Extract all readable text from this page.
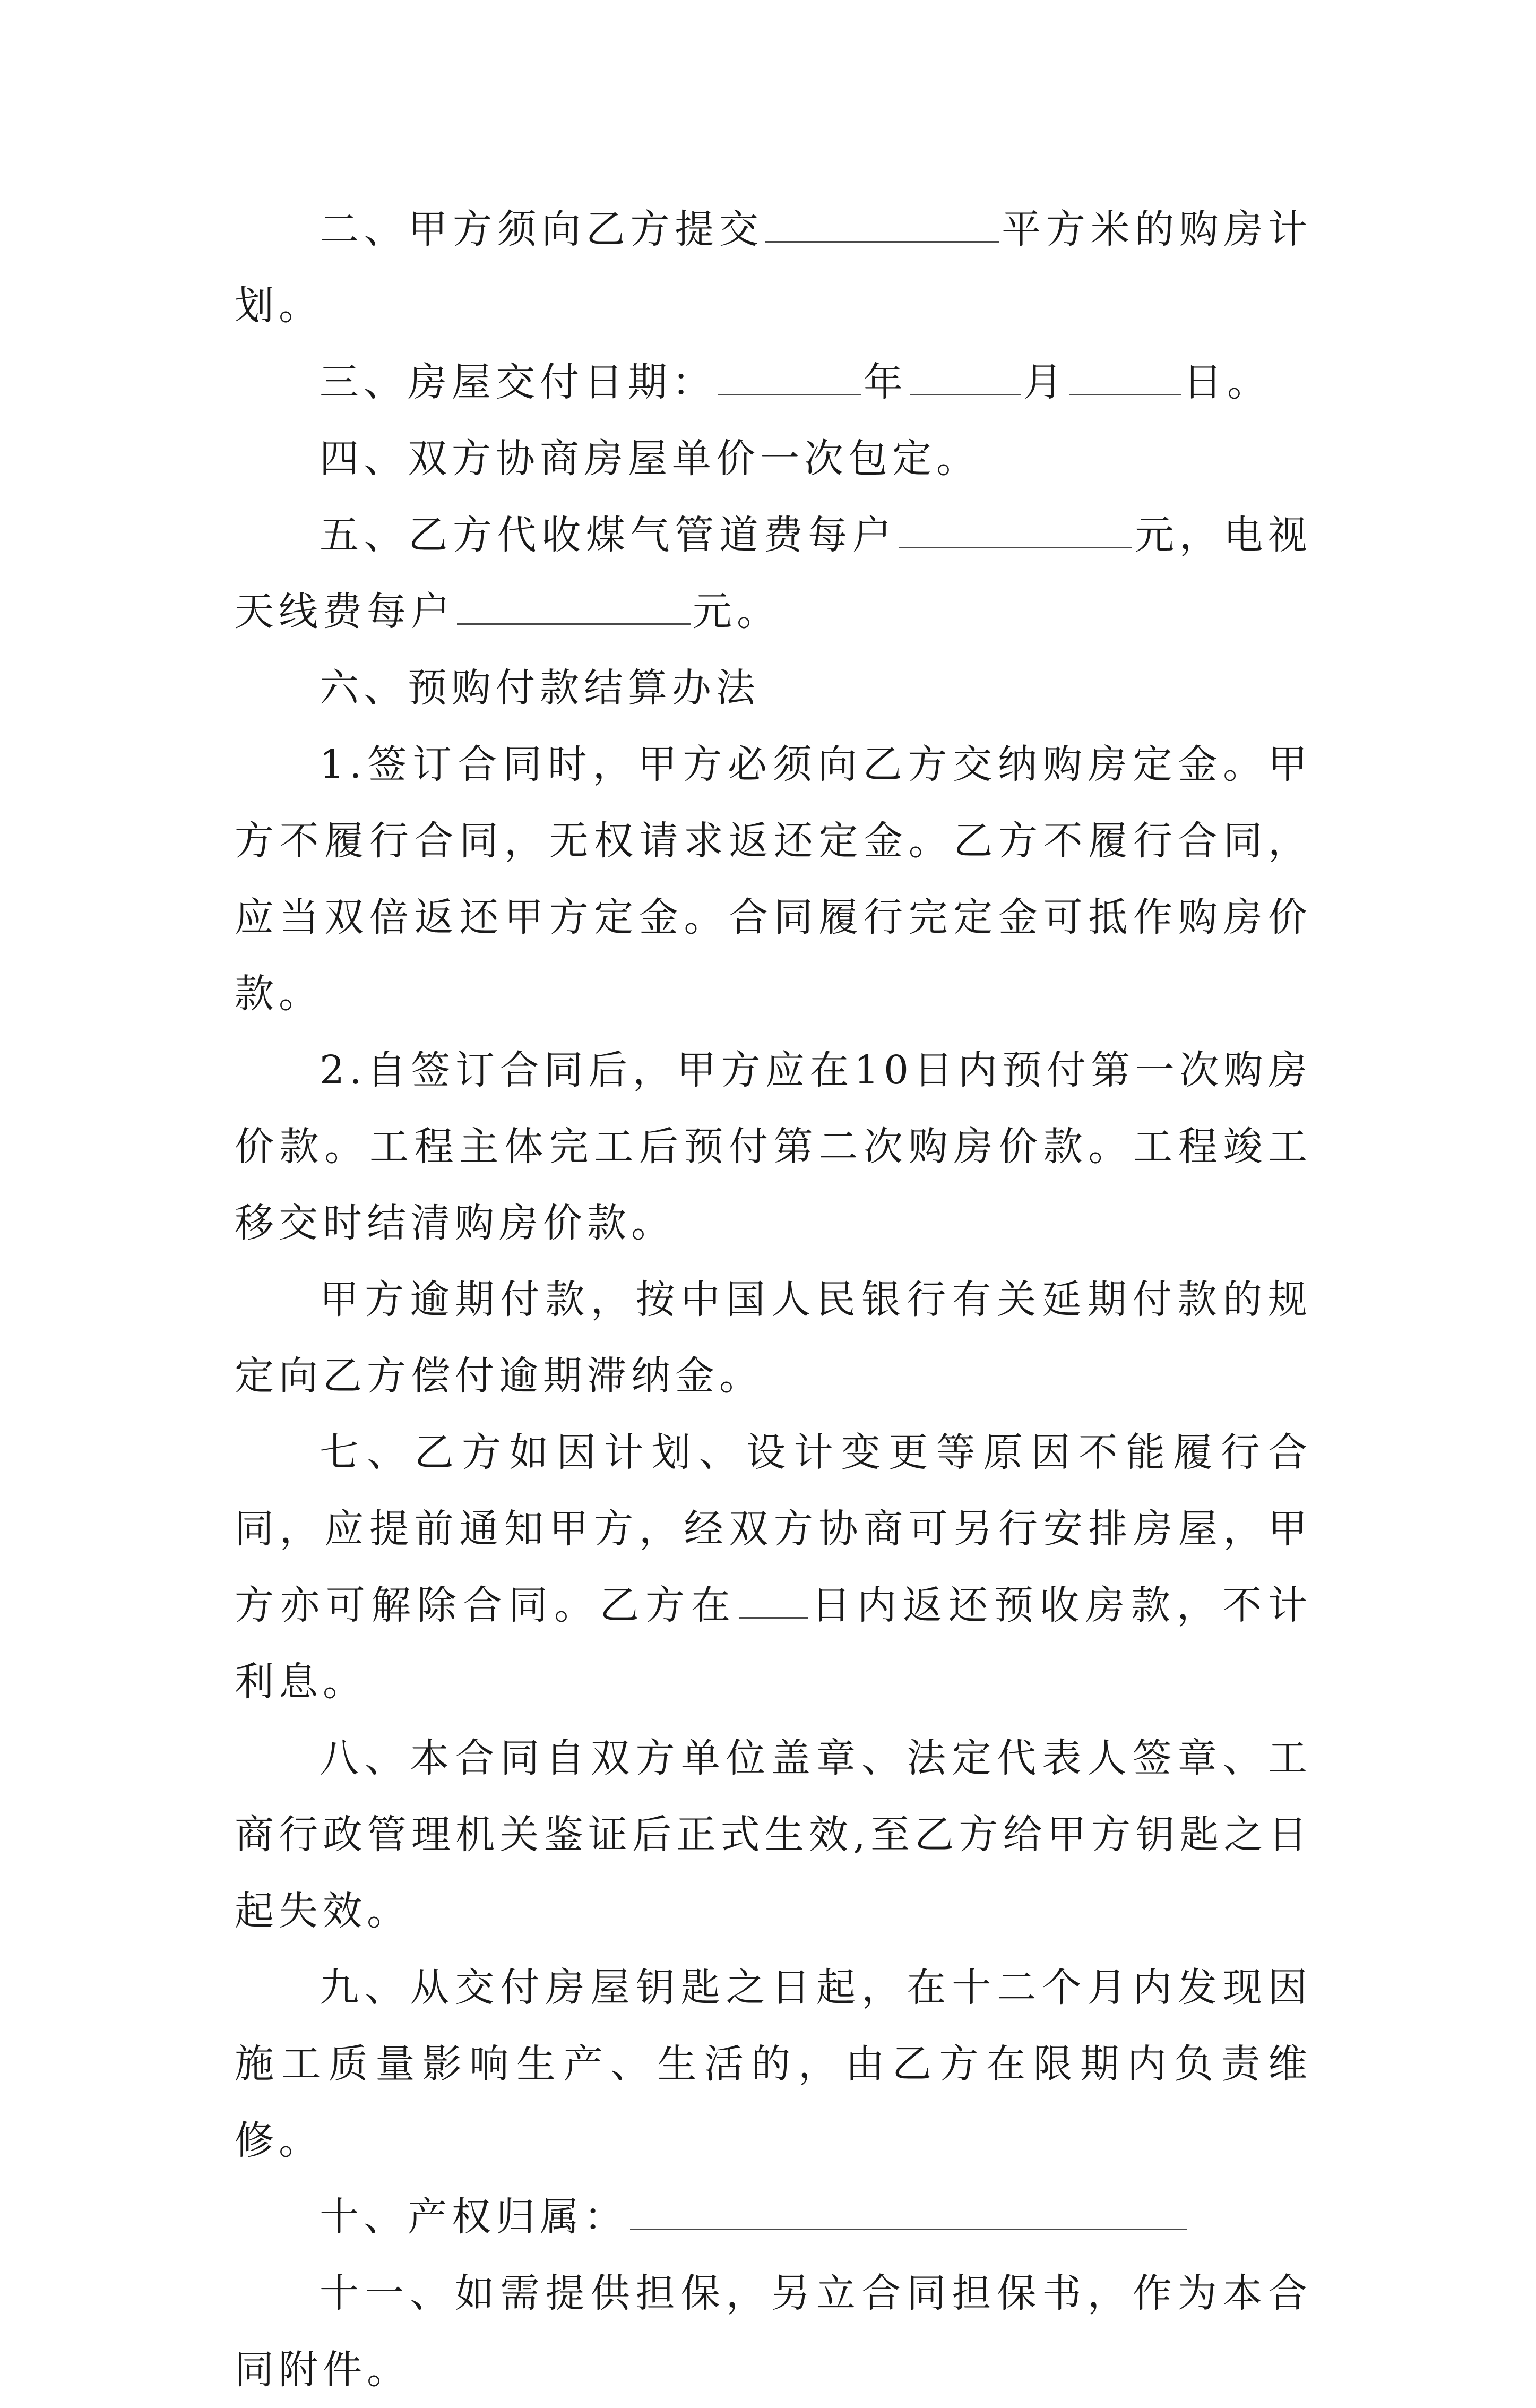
二、甲方须向乙方提交	平方米的购房计划。

三、房屋交付日期：	年	月	日。

四、双方协商房屋单价一次包定。

五、乙方代收煤气管道费每户	元，电视天线费每户	元。

六、预购付款结算办法

1.签订合同时，甲方必须向乙方交纳购房定金。甲方不履行合同，无权请求返还定金。乙方不履行合同，应当双倍返还甲方定金。合同履行完定金可抵作购房价款。

2.自签订合同后，甲方应在10日内预付第一次购房价款。工程主体完工后预付第二次购房价款。工程竣工移交时结清购房价款。

甲方逾期付款，按中国人民银行有关延期付款的规定向乙方偿付逾期滞纳金。

七、乙方如因计划、设计变更等原因不能履行合同，应提前通知甲方，经双方协商可另行安排房屋，甲方亦可解除合同。乙方在 日内返还预收房款，不计利息。

八、本合同自双方单位盖章、法定代表人签章、工商行政管理机关鉴证后正式生效,至乙方给甲方钥匙之日起失效。

九、从交付房屋钥匙之日起，在十二个月内发现因施工质量影响生产、生活的，由乙方在限期内负责维修。

十、产权归属：

十一、如需提供担保，另立合同担保书，作为本合同附件。
